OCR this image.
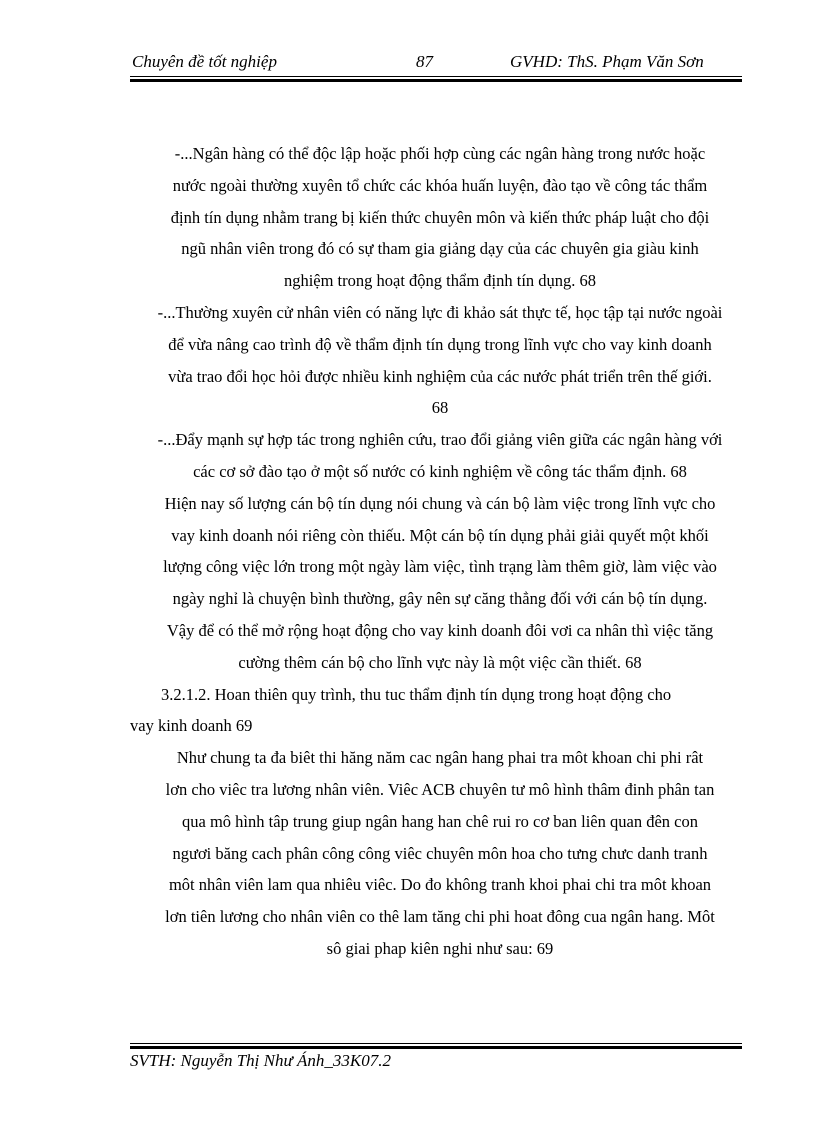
Chuyên đề tốt nghiệp	87	GVHD: ThS. Phạm Văn Sơn
-...Ngân hàng có thể độc lập hoặc phối hợp cùng các ngân hàng trong nước hoặc
nước ngoài thường xuyên tổ chức các khóa huấn luyện, đào tạo về công tác thẩm
định tín dụng nhằm trang bị kiến thức chuyên môn và kiến thức pháp luật cho đội
ngũ nhân viên trong đó có sự tham gia giảng dạy của các chuyên gia giàu kinh
nghiệm trong hoạt động thẩm định tín dụng. 68
-...Thường xuyên cử nhân viên có năng lực đi khảo sát thực tế, học tập tại nước ngoài
để vừa nâng cao trình độ về thẩm định tín dụng trong lĩnh vực cho vay kinh doanh
vừa trao đổi học hỏi được nhiều kinh nghiệm của các nước phát triển trên thế giới.
68
-...Đẩy mạnh sự hợp tác trong nghiên cứu, trao đổi giảng viên giữa các ngân hàng với
các cơ sở đào tạo ở một số nước có kinh nghiệm về công tác thẩm định. 68
Hiện nay số lượng cán bộ tín dụng nói chung và cán bộ làm việc trong lĩnh vực cho
vay kinh doanh nói riêng còn thiếu. Một cán bộ tín dụng phải giải quyết một khối
lượng công việc lớn trong một ngày làm việc, tình trạng làm thêm giờ, làm việc vào
ngày nghỉ là chuyện bình thường, gây nên sự căng thẳng đối với cán bộ tín dụng.
Vậy để có thể mở rộng hoạt động cho vay kinh doanh đôi vơi ca nhân thì việc tăng
cường thêm cán bộ cho lĩnh vực này là một việc cần thiết. 68
3.2.1.2. Hoan thiên quy trình, thu tuc thẩm định tín dụng trong hoạt động cho
vay kinh doanh 69
Như chung ta đa biêt thi hăng năm cac ngân hang phai tra môt khoan chi phi rât
lơn cho viêc tra lương nhân viên. Viêc ACB chuyên tư mô hình thâm đinh phân tan
qua mô hình tâp trung giup ngân hang han chê rui ro cơ ban liên quan đên con
ngươi băng cach phân công công viêc chuyên môn hoa cho tưng chưc danh tranh
môt nhân viên lam qua nhiêu viêc. Do đo không tranh khoi phai chi tra môt khoan
lơn tiên lương cho nhân viên co thê lam tăng chi phi hoat đông cua ngân hang. Môt
sô giai phap kiên nghi như sau: 69
SVTH: Nguyễn Thị Như Ánh_33K07.2
